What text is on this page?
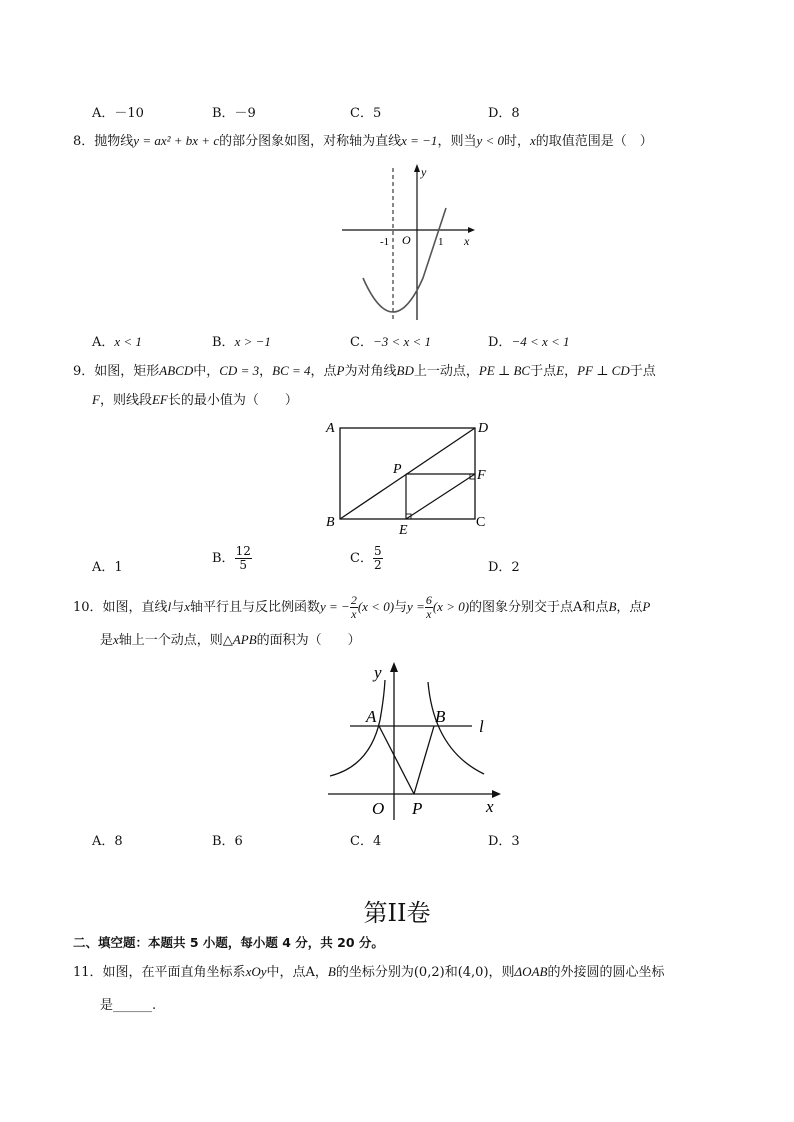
A．－10	B．－9	C．5	D．8
8．抛物线y = ax² + bx + c的部分图象如图，对称轴为直线x = −1，则当y < 0时，x的取值范围是（　）
y
x
O
-1	1
A．x < 1	B．x > −1	C．−3 < x < 1	D．−4 < x < 1
9．如图，矩形ABCD中，CD = 3，BC = 4，点P为对角线BD上一动点，PE ⊥ BC于点E，PF ⊥ CD于点
F，则线段EF长的最小值为（　　）
A	D
B	C
P	F
E
A．1
B． $\frac{12}{5}$	C． $\frac{5}{2}$	D．2
10．如图，直线l与x轴平行且与反比例函数y = − $\frac{2}{x} (x < 0)$与$y = \frac{6}{x} (x > 0)$的图象分别交于点A和点B，点P
是x轴上一个动点，则△APB的面积为（　　）
y
x
O P
A	B
l
A．8	B．6	C．4	D．3
第II卷
二、填空题：本题共 5 小题，每小题 4 分，共 20 分。
11．如图，在平面直角坐标系xOy中，点A，B的坐标分别为(0,2)和(4,0)，则ΔOAB的外接圆的圆心坐标
是______.
